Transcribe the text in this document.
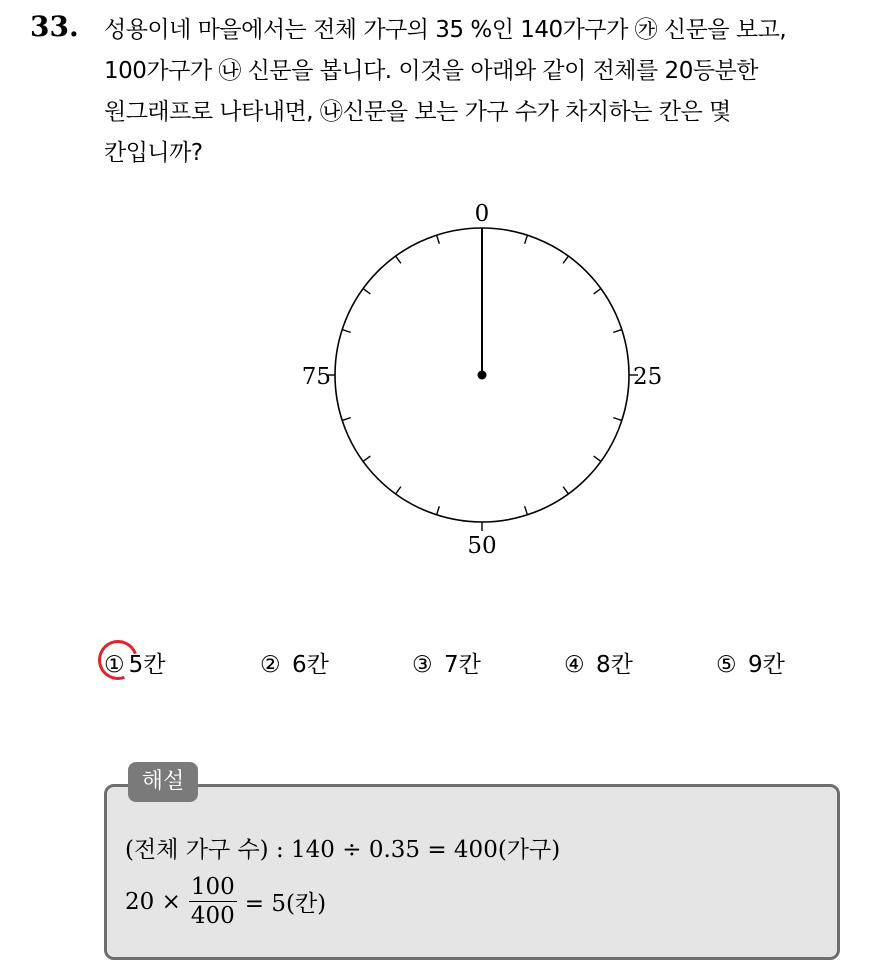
33. 성용이네 마을에서는 전체 가구의 35 %인 140가구가 ㉮ 신문을 보고,
100가구가 ㉯ 신문을 봅니다. 이것을 아래와 같이 전체를 20등분한
원그래프로 나타내면, ㉯신문을 보는 가구 수가 차지하는 칸은 몇
칸입니까?
0
25
50
75
① 5칸	② 6칸	③ 7칸	④ 8칸	⑤ 9칸
해설
(전체 가구 수) : 140 ÷ 0.35 = 400(가구)
$20 \times \frac{100}{400} = 5$(칸)
